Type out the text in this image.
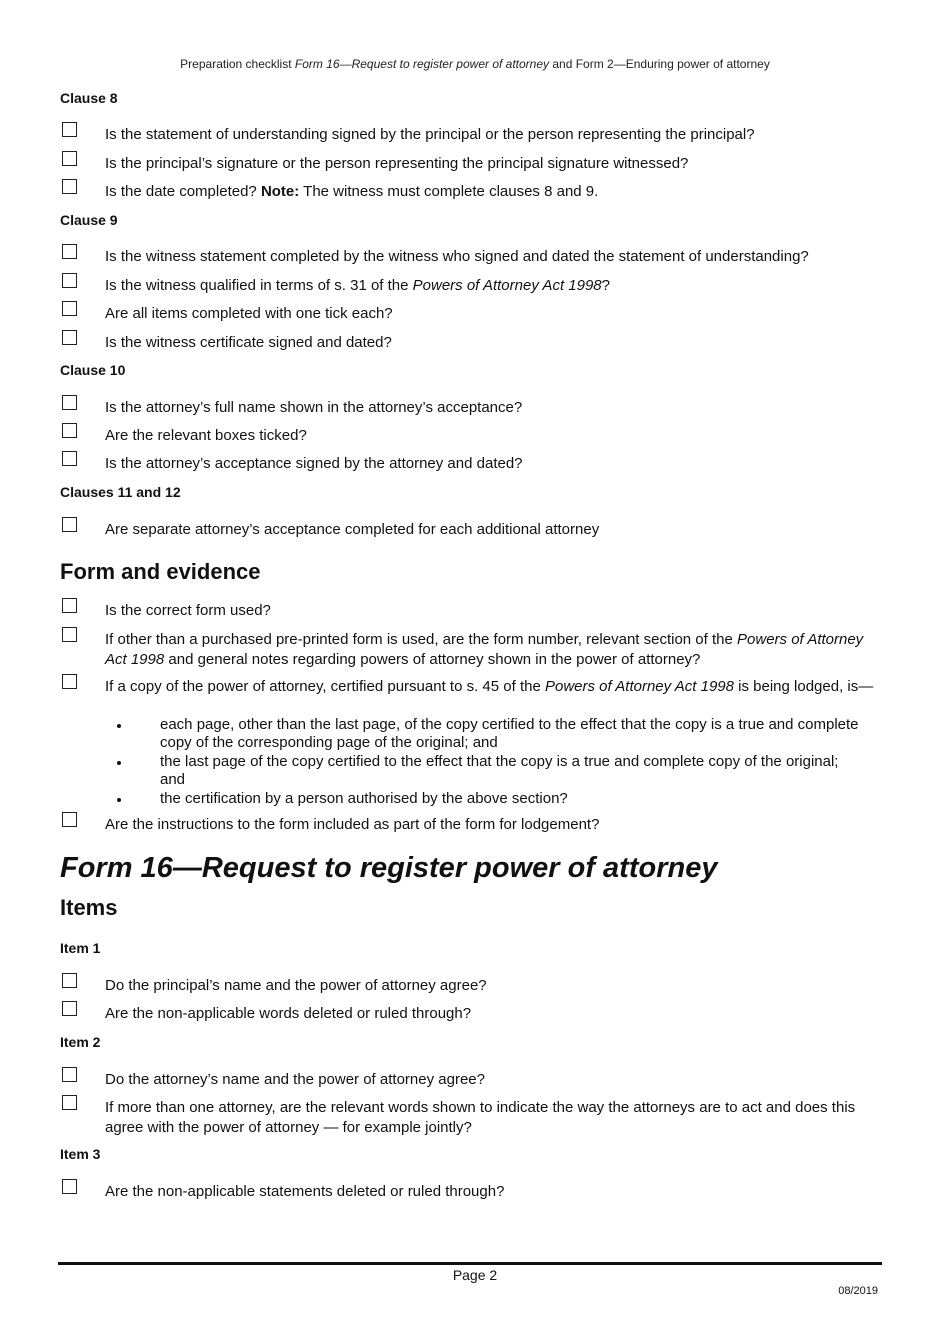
Preparation checklist Form 16—Request to register power of attorney and Form 2—Enduring power of attorney
Clause 8
Is the statement of understanding signed by the principal or the person representing the principal?
Is the principal’s signature or the person representing the principal signature witnessed?
Is the date completed? Note: The witness must complete clauses 8 and 9.
Clause 9
Is the witness statement completed by the witness who signed and dated the statement of understanding?
Is the witness qualified in terms of s. 31 of the Powers of Attorney Act 1998?
Are all items completed with one tick each?
Is the witness certificate signed and dated?
Clause 10
Is the attorney’s full name shown in the attorney’s acceptance?
Are the relevant boxes ticked?
Is the attorney’s acceptance signed by the attorney and dated?
Clauses 11 and 12
Are separate attorney’s acceptance completed for each additional attorney
Form and evidence
Is the correct form used?
If other than a purchased pre-printed form is used, are the form number, relevant section of the Powers of Attorney Act 1998 and general notes regarding powers of attorney shown in the power of attorney?
If a copy of the power of attorney, certified pursuant to s. 45 of the Powers of Attorney Act 1998 is being lodged, is—
each page, other than the last page, of the copy certified to the effect that the copy is a true and complete copy of the corresponding page of the original; and
the last page of the copy certified to the effect that the copy is a true and complete copy of the original; and
the certification by a person authorised by the above section?
Are the instructions to the form included as part of the form for lodgement?
Form 16—Request to register power of attorney
Items
Item 1
Do the principal’s name and the power of attorney agree?
Are the non-applicable words deleted or ruled through?
Item 2
Do the attorney’s name and the power of attorney agree?
If more than one attorney, are the relevant words shown to indicate the way the attorneys are to act and does this agree with the power of attorney — for example jointly?
Item 3
Are the non-applicable statements deleted or ruled through?
Page 2
08/2019
